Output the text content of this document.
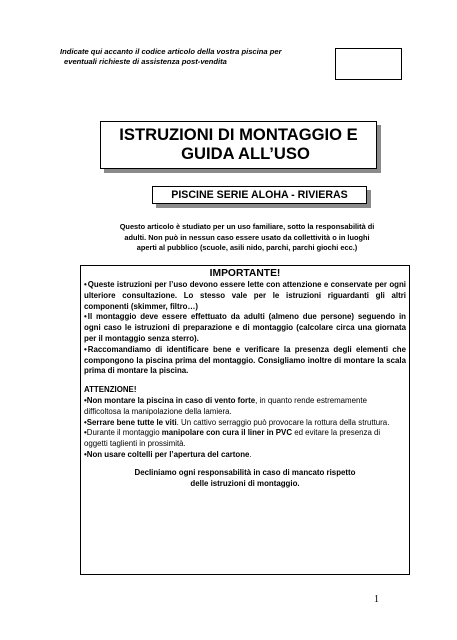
Indicate qui accanto il codice articolo della vostra piscina per
eventuali richieste di assistenza post-vendita
ISTRUZIONI DI MONTAGGIO E
GUIDA ALL’USO
PISCINE SERIE ALOHA - RIVIERAS
Questo articolo è studiato per un uso familiare, sotto la responsabilità di
adulti. Non può in nessun caso essere usato da collettività o in luoghi
aperti al pubblico (scuole, asili nido, parchi, parchi giochi ecc.)
IMPORTANTE!
•Queste istruzioni per l’uso devono essere lette con attenzione e conservate per ogni ulteriore consultazione. Lo stesso vale per le istruzioni riguardanti gli altri componenti (skimmer, filtro…)
•Il montaggio deve essere effettuato da adulti (almeno due persone) seguendo in ogni caso le istruzioni di preparazione e di montaggio (calcolare circa una giornata per il montaggio senza sterro).
•Raccomandiamo di identificare bene e verificare la presenza degli elementi che compongono la piscina prima del montaggio. Consigliamo inoltre di montare la scala prima di montare la piscina.
ATTENZIONE!
•Non montare la piscina in caso di vento forte, in quanto rende estremamente difficoltosa la manipolazione della lamiera.
•Serrare bene tutte le viti. Un cattivo serraggio può provocare la rottura della struttura.
•Durante il montaggio manipolare con cura il liner in PVC ed evitare la presenza di oggetti taglienti in prossimità.
•Non usare coltelli per l’apertura del cartone.
Decliniamo ogni responsabilità in caso di mancato rispetto
delle istruzioni di montaggio.
1
